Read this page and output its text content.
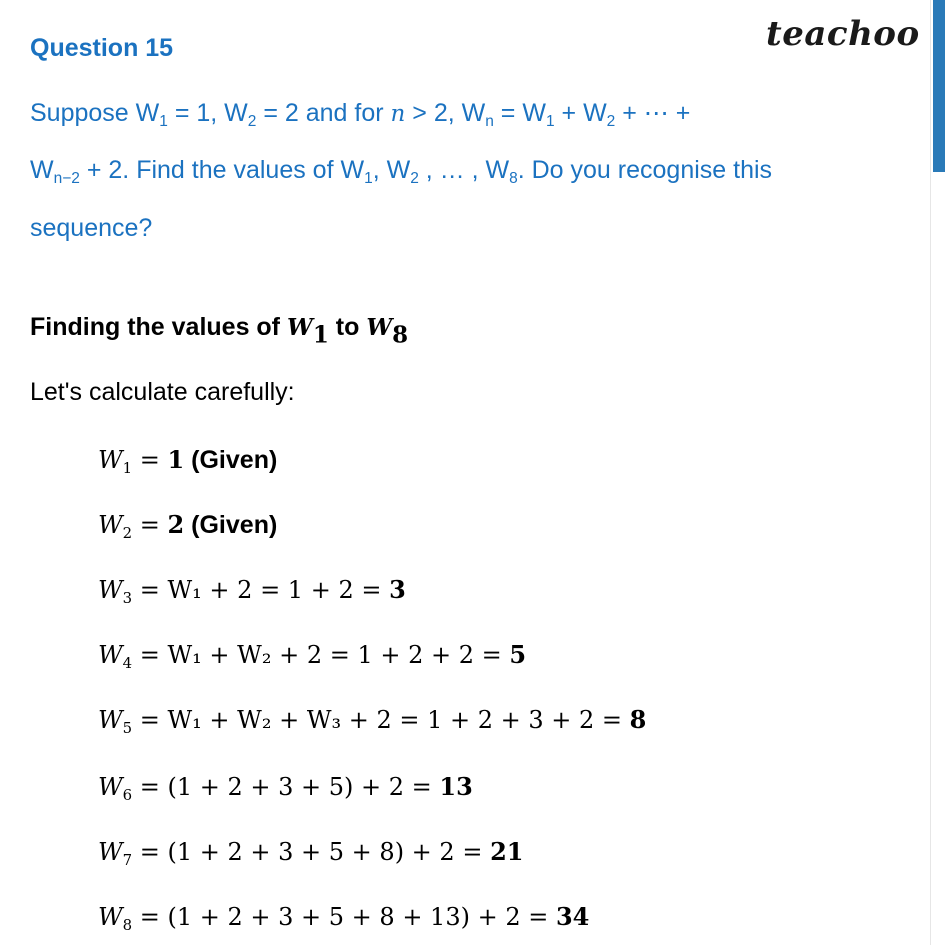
teachoo
Question 15
Suppose $W_1 = 1$, $W_2 = 2$ and for n > 2, $W_n = W_1 + W_2$ + ⋯ +
$W_{n-2} + 2$. Find the values of $W_1$, $W_2$ , … , $W_8$. Do you recognise this
sequence?
Finding the values of $W_1$ to $W_8$
Let's calculate carefully:
$W_1 = 1$ (Given)
$W_2 = 2$ (Given)
$W_3 = W_1 + 2 = 1 + 2 = 3$
$W_4 = W_1 + W_2 + 2 = 1 + 2 + 2 = 5$
$W_5 = W_1 + W_2 + W_3 + 2 = 1 + 2 + 3 + 2 = 8$
$W_6 = (1 + 2 + 3 + 5) + 2 = 13$
$W_7 = (1 + 2 + 3 + 5 + 8) + 2 = 21$
$W_8 = (1 + 2 + 3 + 5 + 8 + 13) + 2 = 34$
